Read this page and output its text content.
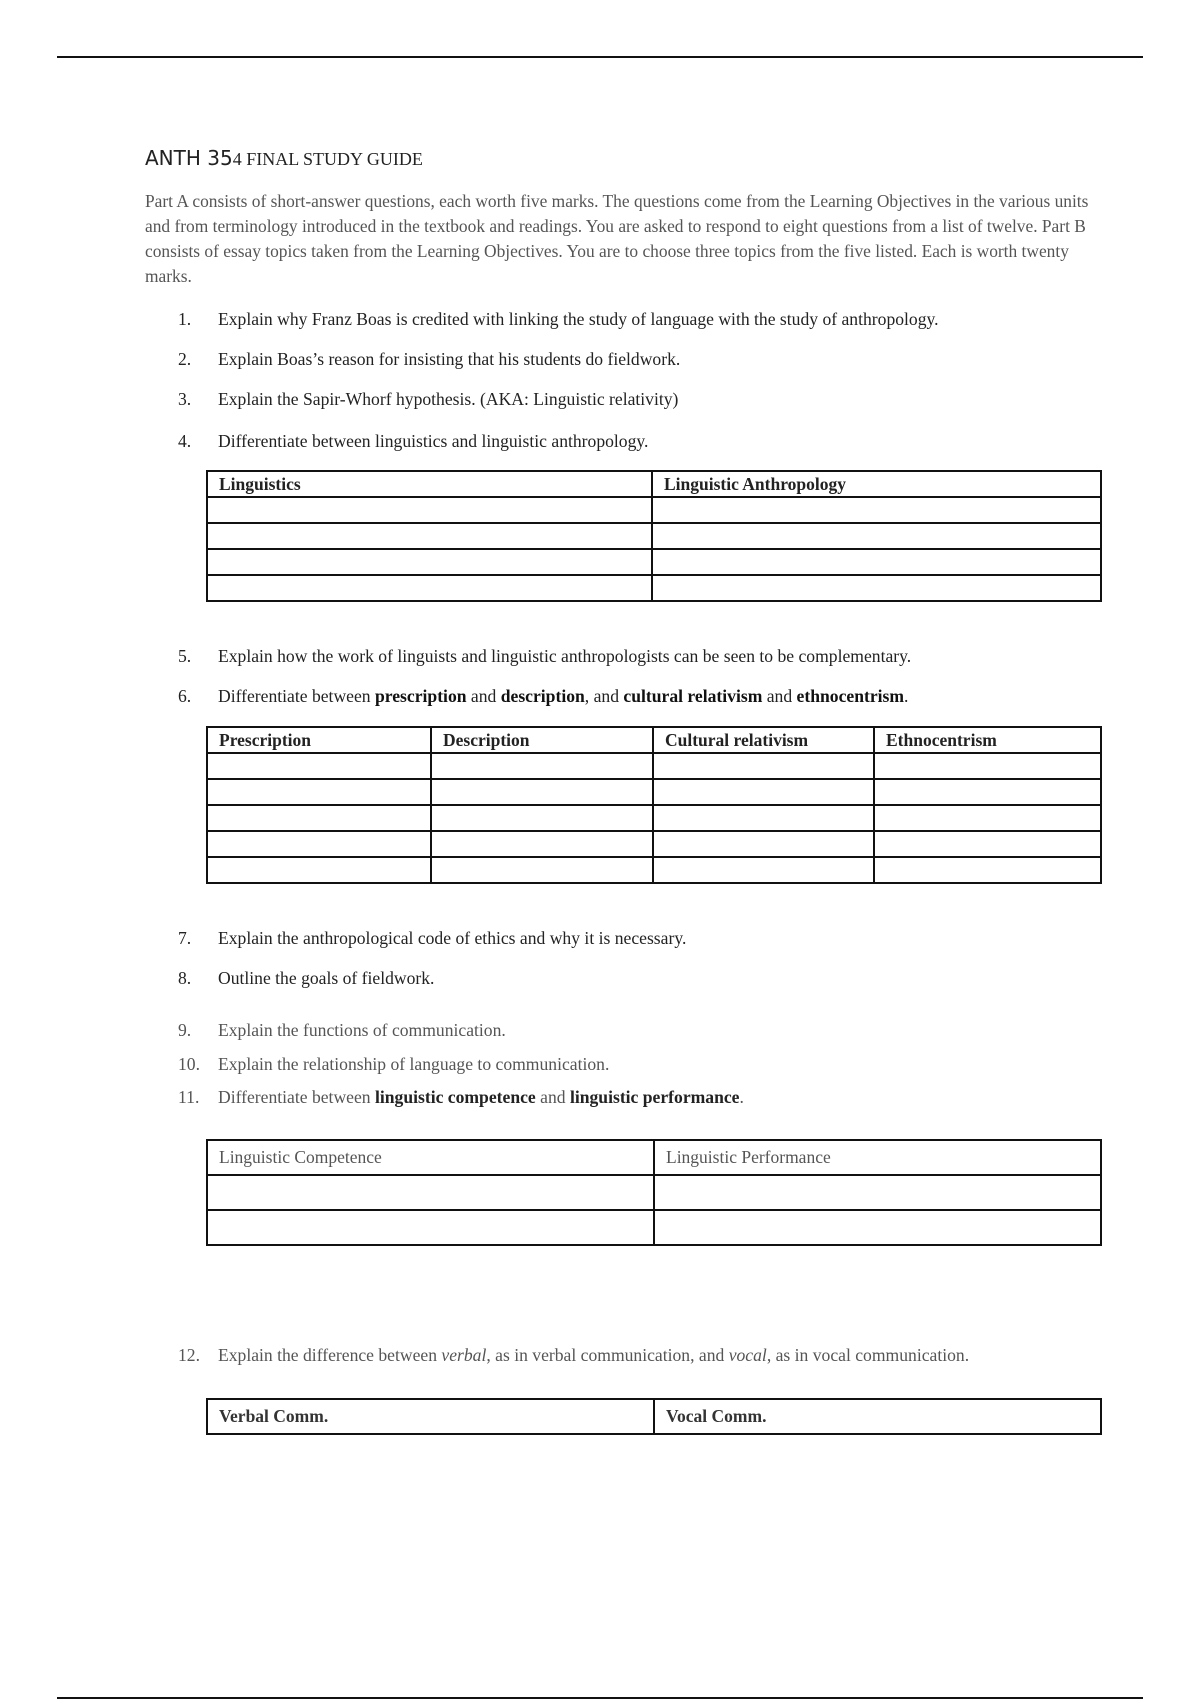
ANTH 354 FINAL STUDY GUIDE
Part A consists of short-answer questions, each worth five marks. The questions come from the Learning Objectives in the various units and from terminology introduced in the textbook and readings. You are asked to respond to eight questions from a list of twelve. Part B consists of essay topics taken from the Learning Objectives. You are to choose three topics from the five listed. Each is worth twenty marks.
1. Explain why Franz Boas is credited with linking the study of language with the study of anthropology.
2. Explain Boas’s reason for insisting that his students do fieldwork.
3. Explain the Sapir-Whorf hypothesis. (AKA: Linguistic relativity)
4. Differentiate between linguistics and linguistic anthropology.
Linguistics	Linguistic Anthropology

5. Explain how the work of linguists and linguistic anthropologists can be seen to be complementary.
6. Differentiate between prescription and description, and cultural relativism and ethnocentrism.
Prescription	Description	Cultural relativism	Ethnocentrism

7. Explain the anthropological code of ethics and why it is necessary.
8. Outline the goals of fieldwork.
9. Explain the functions of communication.
10. Explain the relationship of language to communication.
11. Differentiate between linguistic competence and linguistic performance.
Linguistic Competence	Linguistic Performance

12. Explain the difference between verbal, as in verbal communication, and vocal, as in vocal communication.
Verbal Comm.	Vocal Comm.
